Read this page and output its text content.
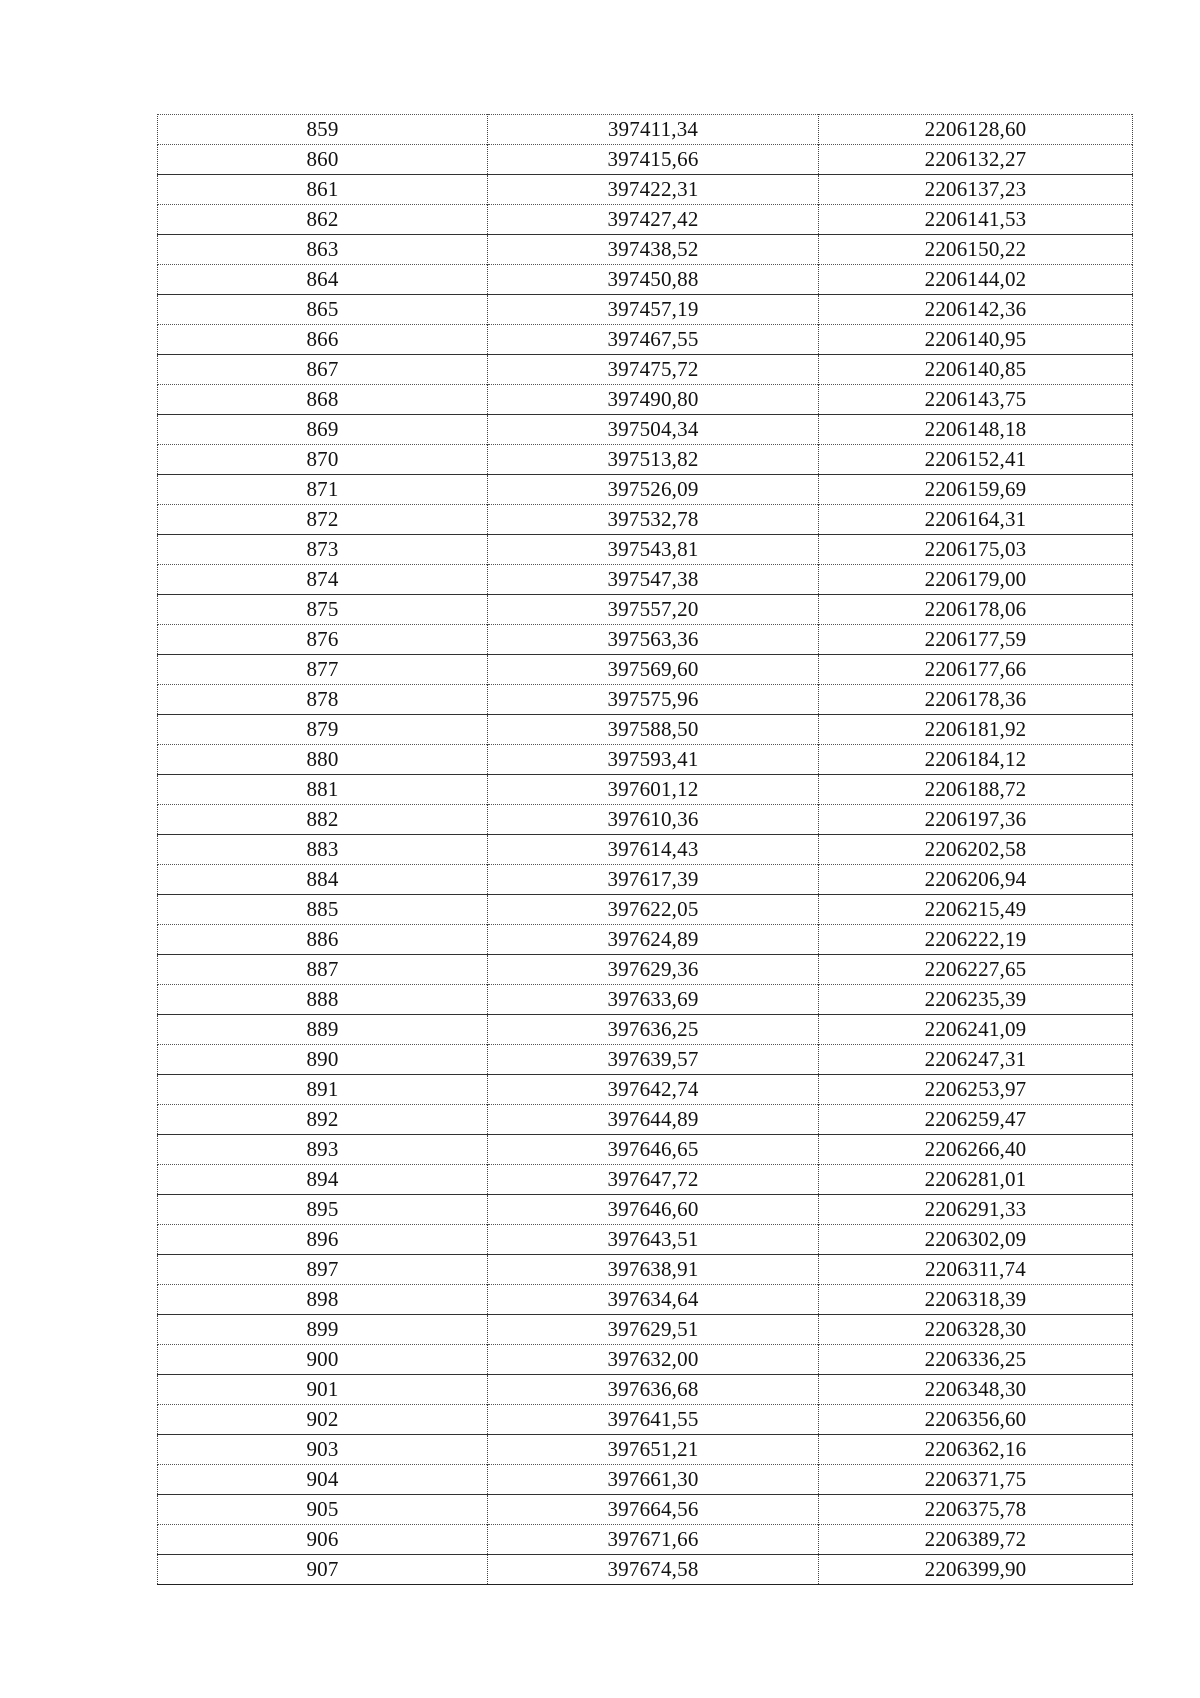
859	397411,34	2206128,60
860	397415,66	2206132,27
861	397422,31	2206137,23
862	397427,42	2206141,53
863	397438,52	2206150,22
864	397450,88	2206144,02
865	397457,19	2206142,36
866	397467,55	2206140,95
867	397475,72	2206140,85
868	397490,80	2206143,75
869	397504,34	2206148,18
870	397513,82	2206152,41
871	397526,09	2206159,69
872	397532,78	2206164,31
873	397543,81	2206175,03
874	397547,38	2206179,00
875	397557,20	2206178,06
876	397563,36	2206177,59
877	397569,60	2206177,66
878	397575,96	2206178,36
879	397588,50	2206181,92
880	397593,41	2206184,12
881	397601,12	2206188,72
882	397610,36	2206197,36
883	397614,43	2206202,58
884	397617,39	2206206,94
885	397622,05	2206215,49
886	397624,89	2206222,19
887	397629,36	2206227,65
888	397633,69	2206235,39
889	397636,25	2206241,09
890	397639,57	2206247,31
891	397642,74	2206253,97
892	397644,89	2206259,47
893	397646,65	2206266,40
894	397647,72	2206281,01
895	397646,60	2206291,33
896	397643,51	2206302,09
897	397638,91	2206311,74
898	397634,64	2206318,39
899	397629,51	2206328,30
900	397632,00	2206336,25
901	397636,68	2206348,30
902	397641,55	2206356,60
903	397651,21	2206362,16
904	397661,30	2206371,75
905	397664,56	2206375,78
906	397671,66	2206389,72
907	397674,58	2206399,90
